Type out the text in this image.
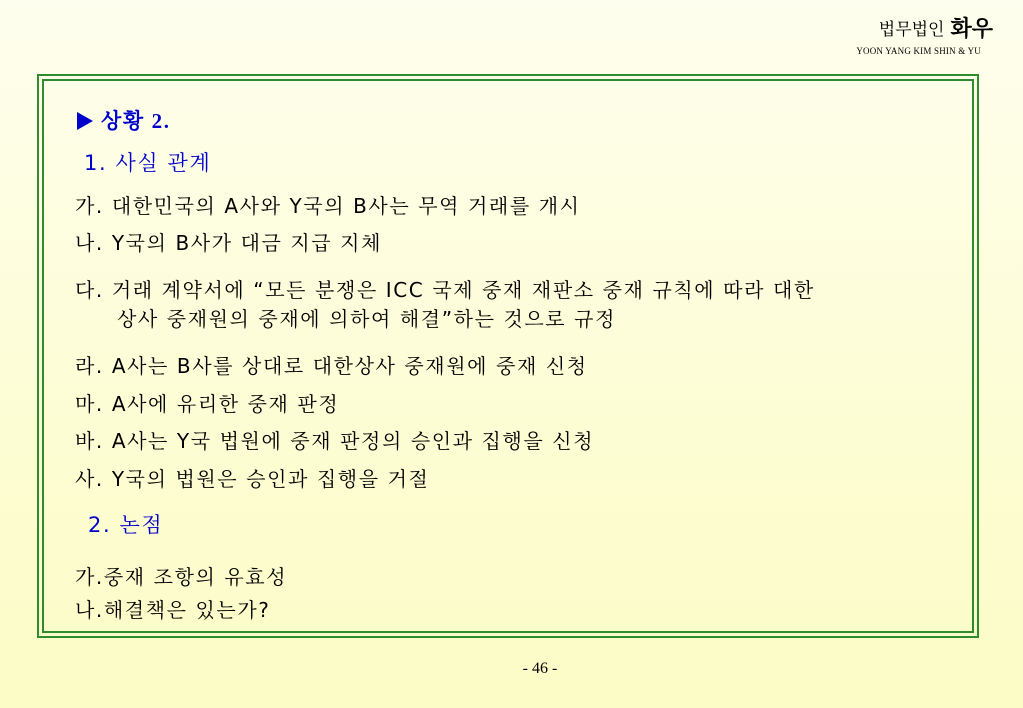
법무법인 화우
YOON YANG KIM SHIN & YU
상황 2.
1. 사실 관계
가. 대한민국의 A사와 Y국의 B사는 무역 거래를 개시
나. Y국의 B사가 대금 지급 지체
다. 거래 계약서에 “모든 분쟁은 ICC 국제 중재 재판소 중재 규칙에 따라 대한
상사 중재원의 중재에 의하여 해결”하는 것으로 규정
라. A사는 B사를 상대로 대한상사 중재원에 중재 신청
마. A사에 유리한 중재 판정
바. A사는 Y국 법원에 중재 판정의 승인과 집행을 신청
사. Y국의 법원은 승인과 집행을 거절
2. 논점
가.중재 조항의 유효성
나.해결책은 있는가?
- 46 -
